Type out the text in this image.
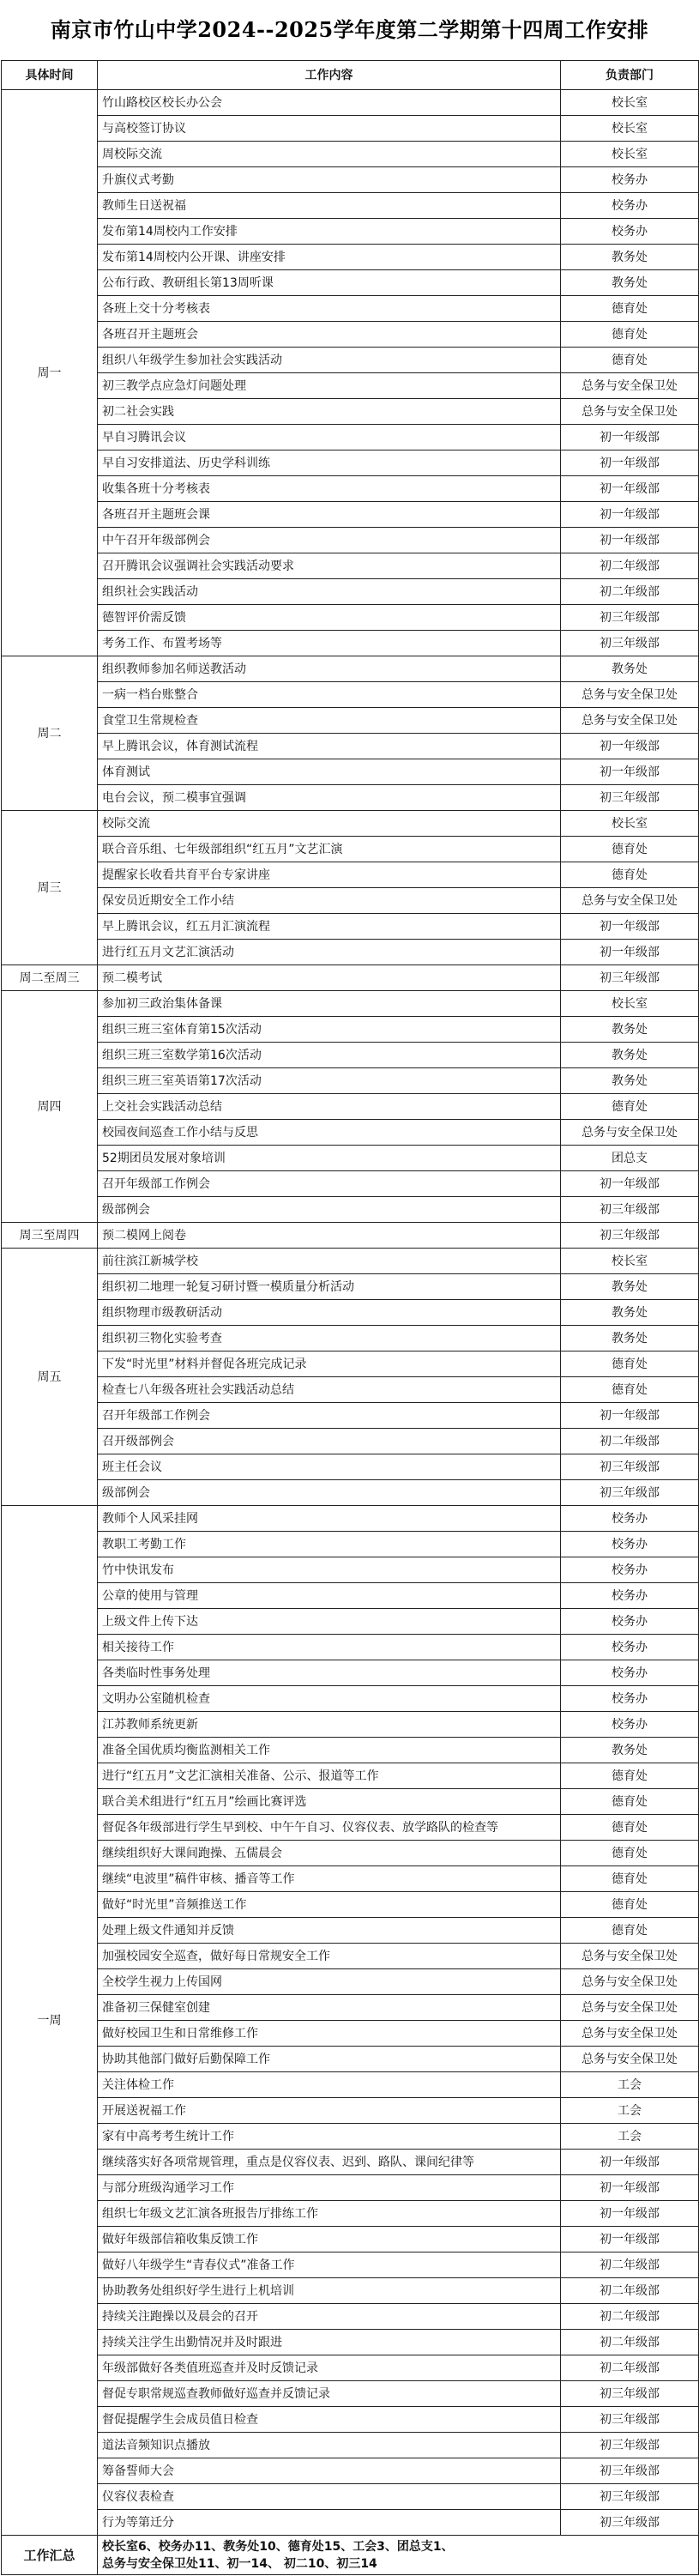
南京市竹山中学2024--2025学年度第二学期第十四周工作安排
具体时间	工作内容	负责部门
周一	竹山路校区校长办公会	校长室
	与高校签订协议	校长室
	周校际交流	校长室
	升旗仪式考勤	校务办
	教师生日送祝福	校务办
	发布第14周校内工作安排	校务办
	发布第14周校内公开课、讲座安排	教务处
	公布行政、教研组长第13周听课	教务处
	各班上交十分考核表	德育处
	各班召开主题班会	德育处
	组织八年级学生参加社会实践活动	德育处
	初三教学点应急灯问题处理	总务与安全保卫处
	初二社会实践	总务与安全保卫处
	早自习腾讯会议	初一年级部
	早自习安排道法、历史学科训练	初一年级部
	收集各班十分考核表	初一年级部
	各班召开主题班会课	初一年级部
	中午召开年级部例会	初一年级部
	召开腾讯会议强调社会实践活动要求	初二年级部
	组织社会实践活动	初二年级部
	德智评价需反馈	初三年级部
	考务工作、布置考场等	初三年级部
周二	组织教师参加名师送教活动	教务处
	一病一档台账整合	总务与安全保卫处
	食堂卫生常规检查	总务与安全保卫处
	早上腾讯会议，体育测试流程	初一年级部
	体育测试	初一年级部
	电台会议，预二模事宜强调	初三年级部
周三	校际交流	校长室
	联合音乐组、七年级部组织“红五月”文艺汇演	德育处
	提醒家长收看共育平台专家讲座	德育处
	保安员近期安全工作小结	总务与安全保卫处
	早上腾讯会议，红五月汇演流程	初一年级部
	进行红五月文艺汇演活动	初一年级部
周二至周三	预二模考试	初三年级部
周四	参加初三政治集体备课	校长室
	组织三班三室体育第15次活动	教务处
	组织三班三室数学第16次活动	教务处
	组织三班三室英语第17次活动	教务处
	上交社会实践活动总结	德育处
	校园夜间巡查工作小结与反思	总务与安全保卫处
	52期团员发展对象培训	团总支
	召开年级部工作例会	初一年级部
	级部例会	初三年级部
周三至周四	预二模网上阅卷	初三年级部
周五	前往滨江新城学校	校长室
	组织初二地理一轮复习研讨暨一模质量分析活动	教务处
	组织物理市级教研活动	教务处
	组织初三物化实验考查	教务处
	下发“时光里”材料并督促各班完成记录	德育处
	检查七八年级各班社会实践活动总结	德育处
	召开年级部工作例会	初一年级部
	召开级部例会	初二年级部
	班主任会议	初三年级部
	级部例会	初三年级部
一周	教师个人风采挂网	校务办
	教职工考勤工作	校务办
	竹中快讯发布	校务办
	公章的使用与管理	校务办
	上级文件上传下达	校务办
	相关接待工作	校务办
	各类临时性事务处理	校务办
	文明办公室随机检查	校务办
	江苏教师系统更新	校务办
	准备全国优质均衡监测相关工作	教务处
	进行“红五月”文艺汇演相关准备、公示、报道等工作	德育处
	联合美术组进行“红五月”绘画比赛评选	德育处
	督促各年级部进行学生早到校、中午午自习、仪容仪表、放学路队的检查等	德育处
	继续组织好大课间跑操、五儒晨会	德育处
	继续“电波里”稿件审核、播音等工作	德育处
	做好“时光里”音频推送工作	德育处
	处理上级文件通知并反馈	德育处
	加强校园安全巡查，做好每日常规安全工作	总务与安全保卫处
	全校学生视力上传国网	总务与安全保卫处
	准备初三保健室创建	总务与安全保卫处
	做好校园卫生和日常维修工作	总务与安全保卫处
	协助其他部门做好后勤保障工作	总务与安全保卫处
	关注体检工作	工会
	开展送祝福工作	工会
	家有中高考考生统计工作	工会
	继续落实好各项常规管理，重点是仪容仪表、迟到、路队、课间纪律等	初一年级部
	与部分班级沟通学习工作	初一年级部
	组织七年级文艺汇演各班报告厅排练工作	初一年级部
	做好年级部信箱收集反馈工作	初一年级部
	做好八年级学生“青春仪式”准备工作	初二年级部
	协助教务处组织好学生进行上机培训	初二年级部
	持续关注跑操以及晨会的召开	初二年级部
	持续关注学生出勤情况并及时跟进	初二年级部
	年级部做好各类值班巡查并及时反馈记录	初二年级部
	督促专职常规巡查教师做好巡查并反馈记录	初三年级部
	督促提醒学生会成员值日检查	初三年级部
	道法音频知识点播放	初三年级部
	筹备誓师大会	初三年级部
	仪容仪表检查	初三年级部
	行为等第迁分	初三年级部
工作汇总	校长室6、校务办11、教务处10、德育处15、工会3、团总支1、
总务与安全保卫处11、初一14、 初二10、初三14	
